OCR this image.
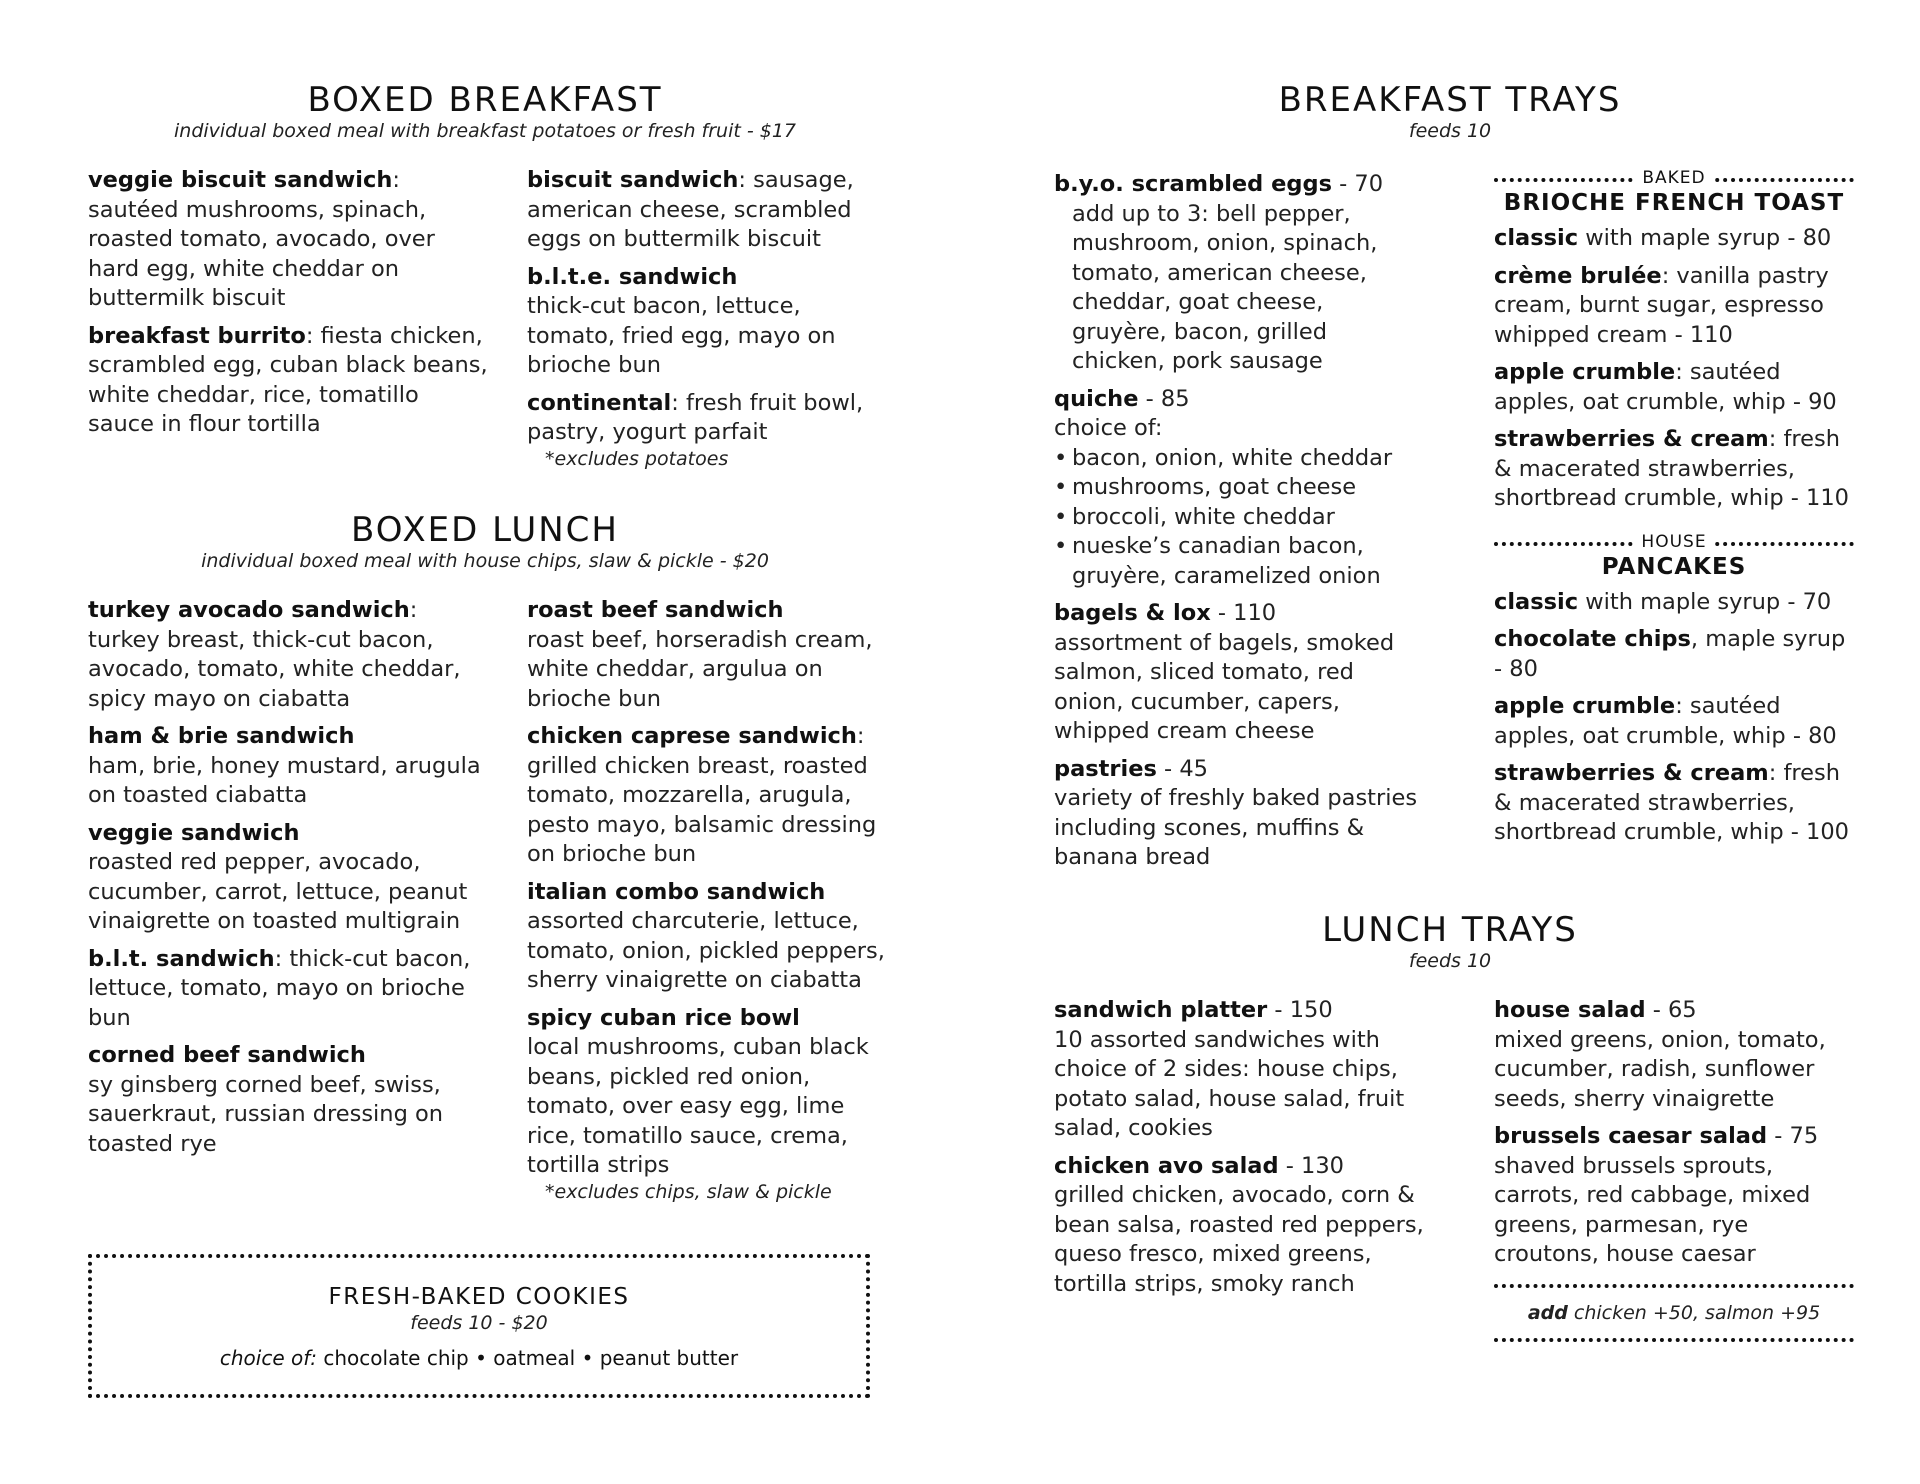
BOXED BREAKFAST
individual boxed meal with breakfast potatoes or fresh fruit - $17
veggie biscuit sandwich: sautéed mushrooms, spinach, roasted tomato, avocado, over hard egg, white cheddar on buttermilk biscuit
breakfast burrito: fiesta chicken, scrambled egg, cuban black beans, white cheddar, rice, tomatillo sauce in flour tortilla
biscuit sandwich: sausage, american cheese, scrambled eggs on buttermilk biscuit
b.l.t.e. sandwich
thick-cut bacon, lettuce, tomato, fried egg, mayo on brioche bun
continental: fresh fruit bowl, pastry, yogurt parfait
*excludes potatoes
BOXED LUNCH
individual boxed meal with house chips, slaw & pickle - $20
turkey avocado sandwich: turkey breast, thick-cut bacon, avocado, tomato, white cheddar, spicy mayo on ciabatta
ham & brie sandwich
ham, brie, honey mustard, arugula on toasted ciabatta
veggie sandwich
roasted red pepper, avocado, cucumber, carrot, lettuce, peanut vinaigrette on toasted multigrain
b.l.t. sandwich: thick-cut bacon, lettuce, tomato, mayo on brioche bun
corned beef sandwich
sy ginsberg corned beef, swiss, sauerkraut, russian dressing on toasted rye
roast beef sandwich
roast beef, horseradish cream, white cheddar, argulua on brioche bun
chicken caprese sandwich: grilled chicken breast, roasted tomato, mozzarella, arugula, pesto mayo, balsamic dressing on brioche bun
italian combo sandwich
assorted charcuterie, lettuce, tomato, onion, pickled peppers, sherry vinaigrette on ciabatta
spicy cuban rice bowl
local mushrooms, cuban black beans, pickled red onion, tomato, over easy egg, lime rice, tomatillo sauce, crema, tortilla strips
*excludes chips, slaw & pickle
FRESH-BAKED COOKIES
feeds 10 - $20
choice of: chocolate chip • oatmeal • peanut butter
BREAKFAST TRAYS
feeds 10
b.y.o. scrambled eggs - 70
add up to 3: bell pepper, mushroom, onion, spinach, tomato, american cheese, cheddar, goat cheese, gruyère, bacon, grilled chicken, pork sausage
quiche - 85
choice of:
• bacon, onion, white cheddar
• mushrooms, goat cheese
• broccoli, white cheddar
• nueske’s canadian bacon, gruyère, caramelized onion
bagels & lox - 110
assortment of bagels, smoked salmon, sliced tomato, red onion, cucumber, capers, whipped cream cheese
pastries - 45
variety of freshly baked pastries including scones, muffins & banana bread
BAKED
BRIOCHE FRENCH TOAST
classic with maple syrup - 80
crème brulée: vanilla pastry cream, burnt sugar, espresso whipped cream - 110
apple crumble: sautéed apples, oat crumble, whip - 90
strawberries & cream: fresh & macerated strawberries, shortbread crumble, whip - 110
HOUSE
PANCAKES
classic with maple syrup - 70
chocolate chips, maple syrup - 80
apple crumble: sautéed apples, oat crumble, whip - 80
strawberries & cream: fresh & macerated strawberries, shortbread crumble, whip - 100
LUNCH TRAYS
feeds 10
sandwich platter - 150
10 assorted sandwiches with choice of 2 sides: house chips, potato salad, house salad, fruit salad, cookies
chicken avo salad - 130
grilled chicken, avocado, corn & bean salsa, roasted red peppers, queso fresco, mixed greens, tortilla strips, smoky ranch
house salad - 65
mixed greens, onion, tomato, cucumber, radish, sunflower seeds, sherry vinaigrette
brussels caesar salad - 75
shaved brussels sprouts, carrots, red cabbage, mixed greens, parmesan, rye croutons, house caesar
add chicken +50, salmon +95
